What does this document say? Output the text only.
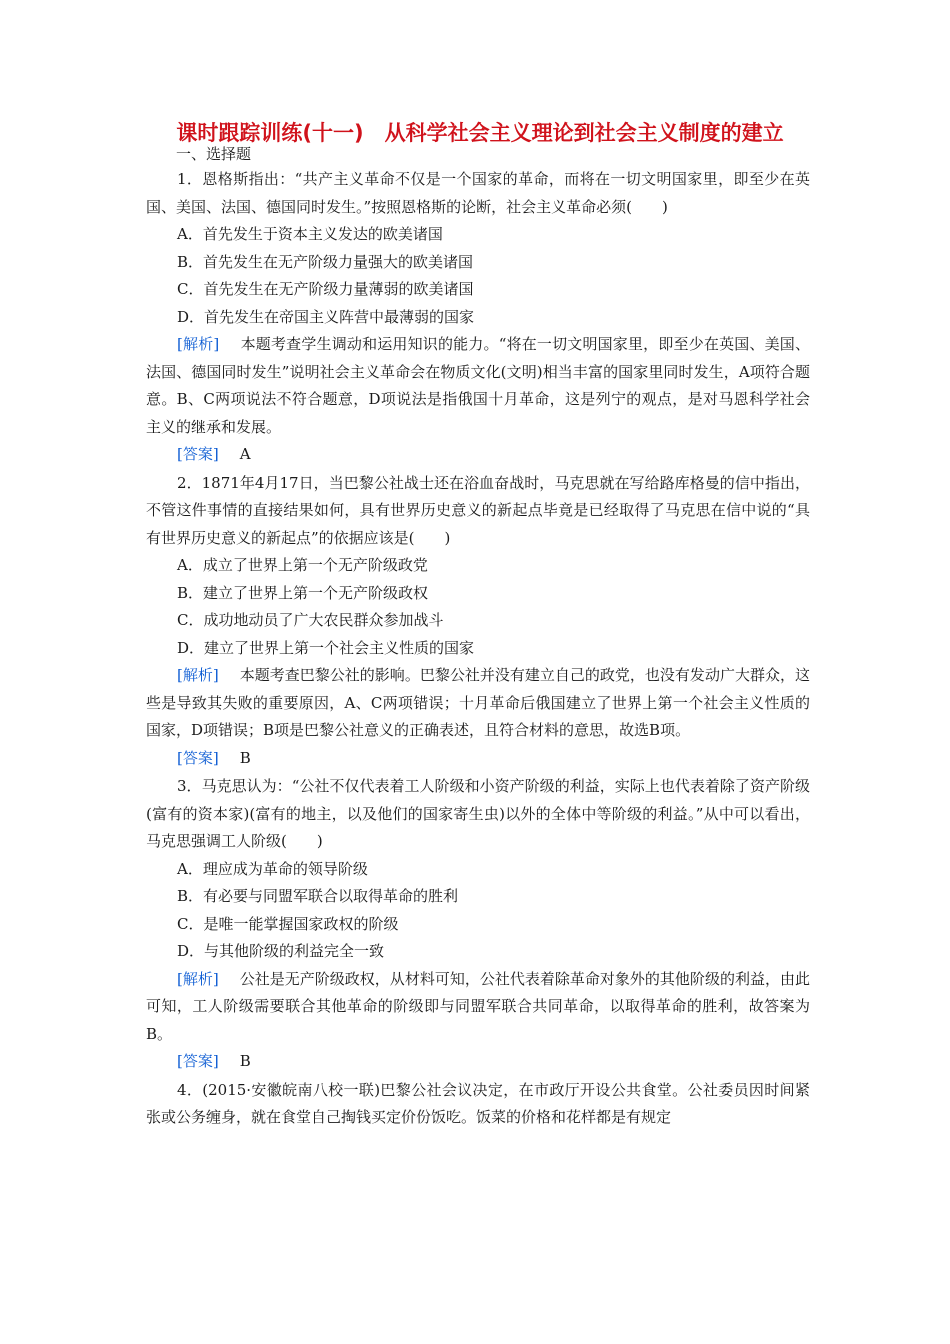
课时跟踪训练(十一)　从科学社会主义理论到社会主义制度的建立
一、选择题

1．恩格斯指出：“共产主义革命不仅是一个国家的革命，而将在一切文明国家里，即至少在英国、美国、法国、德国同时发生。”按照恩格斯的论断，社会主义革命必须(　　)

A．首先发生于资本主义发达的欧美诸国

B．首先发生在无产阶级力量强大的欧美诸国

C．首先发生在无产阶级力量薄弱的欧美诸国

D．首先发生在帝国主义阵营中最薄弱的国家

[解析]　 本题考查学生调动和运用知识的能力。“将在一切文明国家里，即至少在英国、美国、法国、德国同时发生”说明社会主义革命会在物质文化(文明)相当丰富的国家里同时发生，A项符合题意。B、C两项说法不符合题意，D项说法是指俄国十月革命，这是列宁的观点，是对马恩科学社会主义的继承和发展。

[答案]　 A

2．1871年4月17日，当巴黎公社战士还在浴血奋战时，马克思就在写给路库格曼的信中指出，不管这件事情的直接结果如何，具有世界历史意义的新起点毕竟是已经取得了马克思在信中说的“具有世界历史意义的新起点”的依据应该是(　　)

A．成立了世界上第一个无产阶级政党

B．建立了世界上第一个无产阶级政权

C．成功地动员了广大农民群众参加战斗

D．建立了世界上第一个社会主义性质的国家

[解析]　 本题考查巴黎公社的影响。巴黎公社并没有建立自己的政党，也没有发动广大群众，这些是导致其失败的重要原因，A、C两项错误；十月革命后俄国建立了世界上第一个社会主义性质的国家，D项错误；B项是巴黎公社意义的正确表述，且符合材料的意思，故选B项。

[答案]　 B

3．马克思认为：“公社不仅代表着工人阶级和小资产阶级的利益，实际上也代表着除了资产阶级(富有的资本家)(富有的地主，以及他们的国家寄生虫)以外的全体中等阶级的利益。”从中可以看出，马克思强调工人阶级(　　)

A．理应成为革命的领导阶级

B．有必要与同盟军联合以取得革命的胜利

C．是唯一能掌握国家政权的阶级

D．与其他阶级的利益完全一致

[解析]　 公社是无产阶级政权，从材料可知，公社代表着除革命对象外的其他阶级的利益，由此可知，工人阶级需要联合其他革命的阶级即与同盟军联合共同革命，以取得革命的胜利，故答案为B。

[答案]　 B

4．(2015·安徽皖南八校一联)巴黎公社会议决定，在市政厅开设公共食堂。公社委员因时间紧张或公务缠身，就在食堂自己掏钱买定价份饭吃。饭菜的价格和花样都是有规定
